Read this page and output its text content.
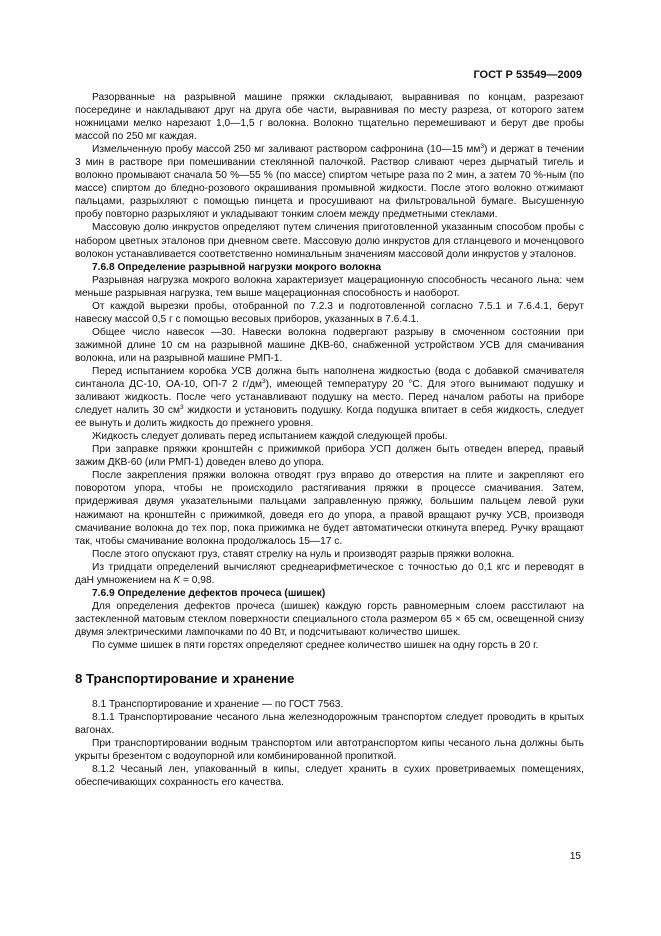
ГОСТ Р 53549—2009

Разорванные на разрывной машине пряжки складывают, выравнивая по концам, разрезают посередине и накладывают друг на друга обе части, выравнивая по месту разреза, от которого затем ножницами мелко нарезают 1,0—1,5 г волокна. Волокно тщательно перемешивают и берут две пробы массой по 250 мг каждая.

Измельченную пробу массой 250 мг заливают раствором сафронина (10—15 $мм^3$) и держат в течении 3 мин в растворе при помешивании стеклянной палочкой. Раствор сливают через дырчатый тигель и волокно промывают сначала 50 %—55 % (по массе) спиртом четыре раза по 2 мин, а затем 70 %-ным (по массе) спиртом до бледно-розового окрашивания промывной жидкости. После этого волокно отжимают пальцами, разрыхляют с помощью пинцета и просушивают на фильтровальной бумаге. Высушенную пробу повторно разрыхляют и укладывают тонким слоем между предметными стеклами.

Массовую долю инкрустов определяют путем сличения приготовленной указанным способом пробы с набором цветных эталонов при дневном свете. Массовую долю инкрустов для стланцевого и моченцового волокон устанавливается соответственно номинальным значениям массовой доли инкрустов у эталонов.

7.6.8 Определение разрывной нагрузки мокрого волокна

Разрывная нагрузка мокрого волокна характеризует мацерационную способность чесаного льна: чем меньше разрывная нагрузка, тем выше мацерационная способность и наоборот.

От каждой вырезки пробы, отобранной по 7.2.3 и подготовленной согласно 7.5.1 и 7.6.4.1, берут навеску массой 0,5 г с помощью весовых приборов, указанных в 7.6.4.1.

Общее число навесок —30. Навески волокна подвергают разрыву в смоченном состоянии при зажимной длине 10 см на разрывной машине ДКВ-60, снабженной устройством УСВ для смачивания волокна, или на разрывной машине РМП-1.

Перед испытанием коробка УСВ должна быть наполнена жидкостью (вода с добавкой смачивателя синтанола ДС-10, ОА-10, ОП-7 2 $г/дм^3$), имеющей температуру 20 °С. Для этого вынимают подушку и заливают жидкость. После чего устанавливают подушку на место. Перед началом работы на приборе следует налить 30 $см^3$ жидкости и установить подушку. Когда подушка впитает в себя жидкость, следует ее вынуть и долить жидкость до прежнего уровня.

Жидкость следует доливать перед испытанием каждой следующей пробы.

При заправке пряжки кронштейн с прижимкой прибора УСП должен быть отведен вперед, правый зажим ДКВ-60 (или РМП-1) доведен влево до упора.

После закрепления пряжки волокна отводят груз вправо до отверстия на плите и закрепляют его поворотом упора, чтобы не происходило растягивания пряжки в процессе смачивания. Затем, придерживая двумя указательными пальцами заправленную пряжку, большим пальцем левой руки нажимают на кронштейн с прижимкой, доведя его до упора, а правой вращают ручку УСВ, производя смачивание волокна до тех пор, пока прижимка не будет автоматически откинута вперед. Ручку вращают так, чтобы смачивание волокна продолжалось 15—17 с.

После этого опускают груз, ставят стрелку на нуль и производят разрыв пряжки волокна.

Из тридцати определений вычисляют среднеарифметическое с точностью до 0,1 кгс и переводят в даН умножением на K = 0,98.

7.6.9 Определение дефектов прочеса (шишек)

Для определения дефектов прочеса (шишек) каждую горсть равномерным слоем расстилают на застекленной матовым стеклом поверхности специального стола размером 65 × 65 см, освещенной снизу двумя электрическими лампочками по 40 Вт, и подсчитывают количество шишек.

По сумме шишек в пяти горстях определяют среднее количество шишек на одну горсть в 20 г.

8 Транспортирование и хранение

8.1 Транспортирование и хранение — по ГОСТ 7563.

8.1.1 Транспортирование чесаного льна железнодорожным транспортом следует проводить в крытых вагонах.

При транспортировании водным транспортом или автотранспортом кипы чесаного льна должны быть укрыты брезентом с водоупорной или комбинированной пропиткой.

8.1.2 Чесаный лен, упакованный в кипы, следует хранить в сухих проветриваемых помещениях, обеспечивающих сохранность его качества.

15
